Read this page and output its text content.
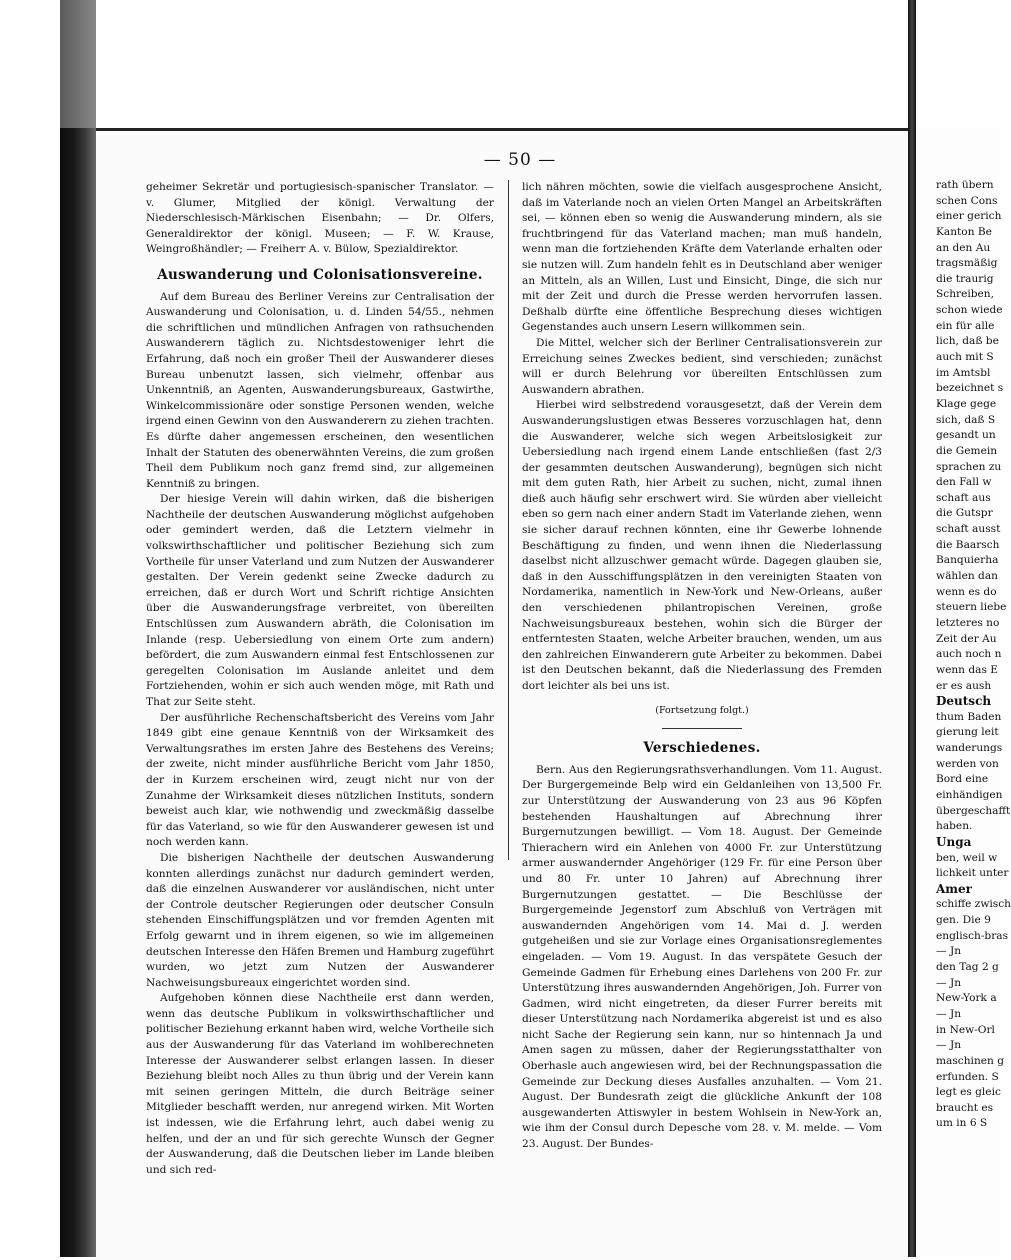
— 50 —

geheimer Sekretär und portugiesisch-spanischer Translator. — v. Glumer, Mitglied der königl. Verwaltung der Niederschlesisch-Märkischen Eisenbahn; — Dr. Olfers, Generaldirektor der königl. Museen; — F. W. Krause, Weingroßhändler; — Freiherr A. v. Bülow, Spezialdirektor.

Auswanderung und Colonisationsvereine.

Auf dem Bureau des Berliner Vereins zur Centralisation der Auswanderung und Colonisation, u. d. Linden 54/55., nehmen die schriftlichen und mündlichen Anfragen von rathsuchenden Auswanderern täglich zu. Nichtsdestoweniger lehrt die Erfahrung, daß noch ein großer Theil der Auswanderer dieses Bureau unbenutzt lassen, sich vielmehr, offenbar aus Unkenntniß, an Agenten, Auswanderungsbureaux, Gastwirthe, Winkelcommissionäre oder sonstige Personen wenden, welche irgend einen Gewinn von den Auswanderern zu ziehen trachten. Es dürfte daher angemessen erscheinen, den wesentlichen Inhalt der Statuten des obenerwähnten Vereins, die zum großen Theil dem Publikum noch ganz fremd sind, zur allgemeinen Kenntniß zu bringen.

Der hiesige Verein will dahin wirken, daß die bisherigen Nachtheile der deutschen Auswanderung möglichst aufgehoben oder gemindert werden, daß die Letztern vielmehr in volkswirthschaftlicher und politischer Beziehung sich zum Vortheile für unser Vaterland und zum Nutzen der Auswanderer gestalten. Der Verein gedenkt seine Zwecke dadurch zu erreichen, daß er durch Wort und Schrift richtige Ansichten über die Auswanderungsfrage verbreitet, von übereilten Entschlüssen zum Auswandern abräth, die Colonisation im Inlande (resp. Uebersiedlung von einem Orte zum andern) befördert, die zum Auswandern einmal fest Entschlossenen zur geregelten Colonisation im Auslande anleitet und dem Fortziehenden, wohin er sich auch wenden möge, mit Rath und That zur Seite steht.

Der ausführliche Rechenschaftsbericht des Vereins vom Jahr 1849 gibt eine genaue Kenntniß von der Wirksamkeit des Verwaltungsrathes im ersten Jahre des Bestehens des Vereins; der zweite, nicht minder ausführliche Bericht vom Jahr 1850, der in Kurzem erscheinen wird, zeugt nicht nur von der Zunahme der Wirksamkeit dieses nützlichen Instituts, sondern beweist auch klar, wie nothwendig und zweckmäßig dasselbe für das Vaterland, so wie für den Auswanderer gewesen ist und noch werden kann.

Die bisherigen Nachtheile der deutschen Auswanderung konnten allerdings zunächst nur dadurch gemindert werden, daß die einzelnen Auswanderer vor ausländischen, nicht unter der Controle deutscher Regierungen oder deutscher Consuln stehenden Einschiffungsplätzen und vor fremden Agenten mit Erfolg gewarnt und in ihrem eigenen, so wie im allgemeinen deutschen Interesse den Häfen Bremen und Hamburg zugeführt wurden, wo jetzt zum Nutzen der Auswanderer Nachweisungsbureaux eingerichtet worden sind.

Aufgehoben können diese Nachtheile erst dann werden, wenn das deutsche Publikum in volkswirthschaftlicher und politischer Beziehung erkannt haben wird, welche Vortheile sich aus der Auswanderung für das Vaterland im wohlberechneten Interesse der Auswanderer selbst erlangen lassen. In dieser Beziehung bleibt noch Alles zu thun übrig und der Verein kann mit seinen geringen Mitteln, die durch Beiträge seiner Mitglieder beschafft werden, nur anregend wirken. Mit Worten ist indessen, wie die Erfahrung lehrt, auch dabei wenig zu helfen, und der an und für sich gerechte Wunsch der Gegner der Auswanderung, daß die Deutschen lieber im Lande bleiben und sich red-

lich nähren möchten, sowie die vielfach ausgesprochene Ansicht, daß im Vaterlande noch an vielen Orten Mangel an Arbeitskräften sei, — können eben so wenig die Auswanderung mindern, als sie fruchtbringend für das Vaterland machen; man muß handeln, wenn man die fortziehenden Kräfte dem Vaterlande erhalten oder sie nutzen will. Zum handeln fehlt es in Deutschland aber weniger an Mitteln, als an Willen, Lust und Einsicht, Dinge, die sich nur mit der Zeit und durch die Presse werden hervorrufen lassen. Deßhalb dürfte eine öffentliche Besprechung dieses wichtigen Gegenstandes auch unsern Lesern willkommen sein.

Die Mittel, welcher sich der Berliner Centralisationsverein zur Erreichung seines Zweckes bedient, sind verschieden; zunächst will er durch Belehrung vor übereilten Entschlüssen zum Auswandern abrathen.

Hierbei wird selbstredend vorausgesetzt, daß der Verein dem Auswanderungslustigen etwas Besseres vorzuschlagen hat, denn die Auswanderer, welche sich wegen Arbeitslosigkeit zur Uebersiedlung nach irgend einem Lande entschließen (fast 2/3 der gesammten deutschen Auswanderung), begnügen sich nicht mit dem guten Rath, hier Arbeit zu suchen, nicht, zumal ihnen dieß auch häufig sehr erschwert wird. Sie würden aber vielleicht eben so gern nach einer andern Stadt im Vaterlande ziehen, wenn sie sicher darauf rechnen könnten, eine ihr Gewerbe lohnende Beschäftigung zu finden, und wenn ihnen die Niederlassung daselbst nicht allzuschwer gemacht würde. Dagegen glauben sie, daß in den Ausschiffungsplätzen in den vereinigten Staaten von Nordamerika, namentlich in New-York und New-Orleans, außer den verschiedenen philantropischen Vereinen, große Nachweisungsbureaux bestehen, wohin sich die Bürger der entferntesten Staaten, welche Arbeiter brauchen, wenden, um aus den zahlreichen Einwanderern gute Arbeiter zu bekommen. Dabei ist den Deutschen bekannt, daß die Niederlassung des Fremden dort leichter als bei uns ist.

(Fortsetzung folgt.)
Verschiedenes.

Bern. Aus den Regierungsrathsverhandlungen. Vom 11. August. Der Burgergemeinde Belp wird ein Geldanleihen von 13,500 Fr. zur Unterstützung der Auswanderung von 23 aus 96 Köpfen bestehenden Haushaltungen auf Abrechnung ihrer Burgernutzungen bewilligt. — Vom 18. August. Der Gemeinde Thierachern wird ein Anlehen von 4000 Fr. zur Unterstützung armer auswandernder Angehöriger (129 Fr. für eine Person über und 80 Fr. unter 10 Jahren) auf Abrechnung ihrer Burgernutzungen gestattet. — Die Beschlüsse der Burgergemeinde Jegenstorf zum Abschluß von Verträgen mit auswandernden Angehörigen vom 14. Mai d. J. werden gutgeheißen und sie zur Vorlage eines Organisationsreglementes eingeladen. — Vom 19. August. In das verspätete Gesuch der Gemeinde Gadmen für Erhebung eines Darlehens von 200 Fr. zur Unterstützung ihres auswandernden Angehörigen, Joh. Furrer von Gadmen, wird nicht eingetreten, da dieser Furrer bereits mit dieser Unterstützung nach Nordamerika abgereist ist und es also nicht Sache der Regierung sein kann, nur so hintennach Ja und Amen sagen zu müssen, daher der Regierungsstatthalter von Oberhasle auch angewiesen wird, bei der Rechnungspassation die Gemeinde zur Deckung dieses Ausfalles anzuhalten. — Vom 21. August. Der Bundesrath zeigt die glückliche Ankunft der 108 ausgewanderten Attiswyler in bestem Wohlsein in New-York an, wie ihm der Consul durch Depesche vom 28. v. M. melde. — Vom 23. August. Der Bundes-

rath übern
schen Cons
einer gerich
Kanton Be
an den Au
tragsmäßig
die traurig
Schreiben,
schon wiede
ein für alle
lich, daß be
auch mit S
im Amtsbl
bezeichnet s
Klage gege
sich, daß S
gesandt un
die Gemein
sprachen zu
den Fall w
schaft aus
die Gutspr
schaft ausst
die Baarsch
Banquierha
wählen dan
wenn es do
steuern liebe
letzteres no
Zeit der Au
auch noch n
wenn das E
er es aush
Deutsch
thum Baden
gierung leit
wanderungs
werden von
Bord eine
einhändigen
übergeschafft
haben.
Unga
ben, weil w
lichkeit unter
Amer
schiffe zwisch
gen. Die 9
englisch-bras
— Jn
den Tag 2 g
— Jn
New-York a
— Jn
in New-Orl
— Jn
maschinen g
erfunden. S
legt es gleic
braucht es
um in 6 S
